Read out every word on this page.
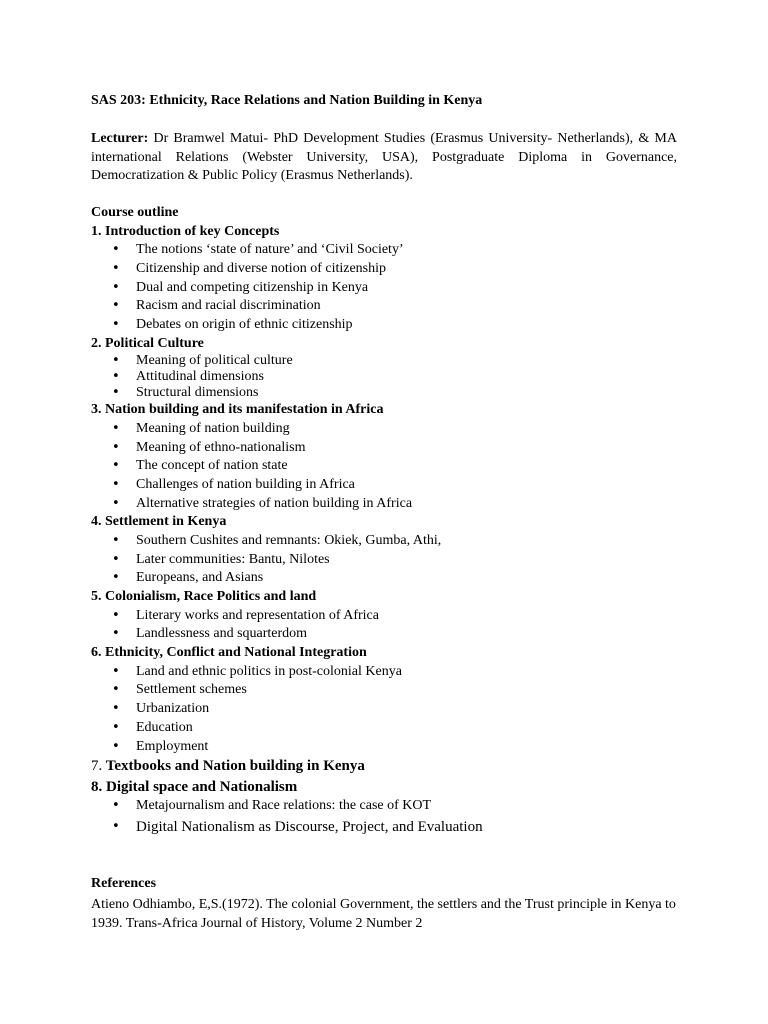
SAS 203: Ethnicity, Race Relations and Nation Building in Kenya
Lecturer: Dr Bramwel Matui- PhD Development Studies (Erasmus University- Netherlands), & MA international Relations (Webster University, USA), Postgraduate Diploma in Governance, Democratization & Public Policy (Erasmus Netherlands).
Course outline
1. Introduction of key Concepts
• The notions ‘state of nature’ and ‘Civil Society’
• Citizenship and diverse notion of citizenship
• Dual and competing citizenship in Kenya
• Racism and racial discrimination
• Debates on origin of ethnic citizenship
2. Political Culture
• Meaning of political culture
• Attitudinal dimensions
• Structural dimensions
3. Nation building and its manifestation in Africa
• Meaning of nation building
• Meaning of ethno-nationalism
• The concept of nation state
• Challenges of nation building in Africa
• Alternative strategies of nation building in Africa
4. Settlement in Kenya
• Southern Cushites and remnants: Okiek, Gumba, Athi,
• Later communities: Bantu, Nilotes
• Europeans, and Asians
5. Colonialism, Race Politics and land
• Literary works and representation of Africa
• Landlessness and squarterdom
6. Ethnicity, Conflict and National Integration
• Land and ethnic politics in post-colonial Kenya
• Settlement schemes
• Urbanization
• Education
• Employment
7. Textbooks and Nation building in Kenya
8. Digital space and Nationalism
• Metajournalism and Race relations: the case of KOT
• Digital Nationalism as Discourse, Project, and Evaluation
References
Atieno Odhiambo, E,S.(1972). The colonial Government, the settlers and the Trust principle in Kenya to 1939. Trans-Africa Journal of History, Volume 2 Number 2
